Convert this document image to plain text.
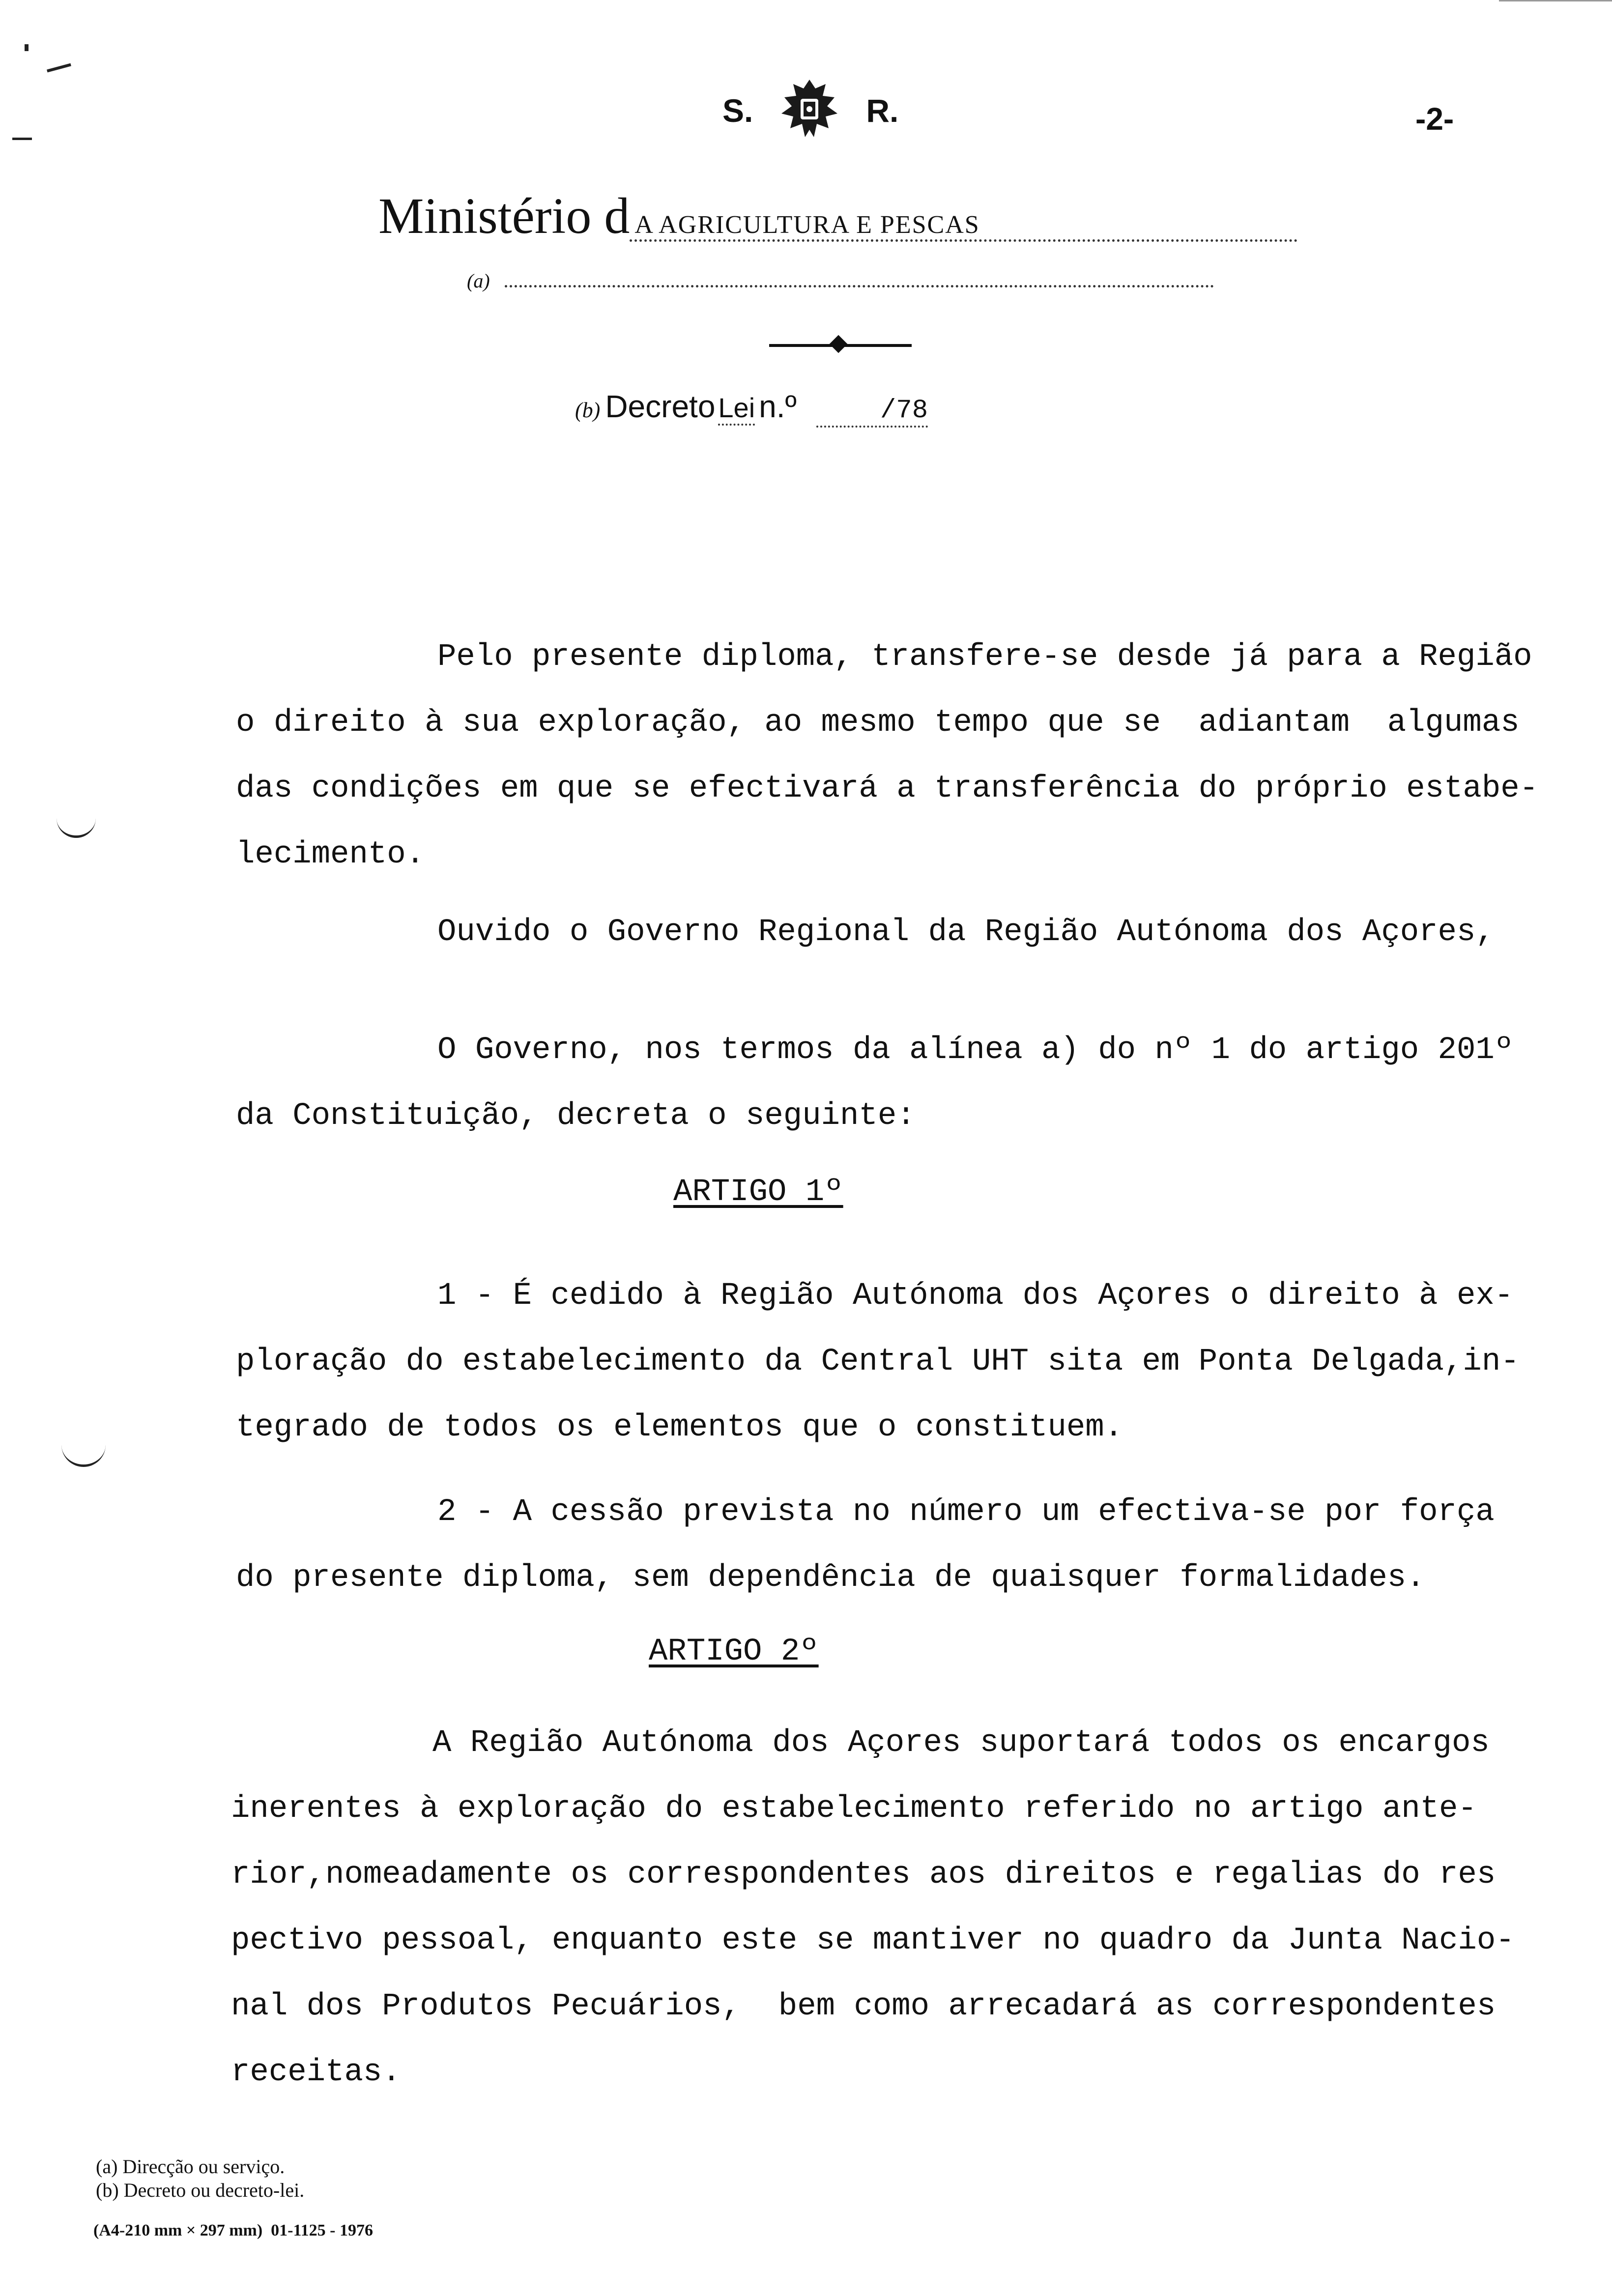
S.	R.	-2-
Ministério d A AGRICULTURA E PESCAS
(a)
(b) Decreto Lei n.º	/78
Pelo presente diploma, transfere-se desde já para a Região
o direito à sua exploração, ao mesmo tempo que se  adiantam  algumas
das condições em que se efectivará a transferência do próprio estabe-
lecimento.
Ouvido o Governo Regional da Região Autónoma dos Açores,
O Governo, nos termos da alínea a) do nº 1 do artigo 201º
da Constituição, decreta o seguinte:
ARTIGO 1º
1 - É cedido à Região Autónoma dos Açores o direito à ex-
ploração do estabelecimento da Central UHT sita em Ponta Delgada,in-
tegrado de todos os elementos que o constituem.
2 - A cessão prevista no número um efectiva-se por força
do presente diploma, sem dependência de quaisquer formalidades.
ARTIGO 2º
A Região Autónoma dos Açores suportará todos os encargos
inerentes à exploração do estabelecimento referido no artigo ante-
rior,nomeadamente os correspondentes aos direitos e regalias do res
pectivo pessoal, enquanto este se mantiver no quadro da Junta Nacio-
nal dos Produtos Pecuários,  bem como arrecadará as correspondentes
receitas.
(a) Direcção ou serviço.
(b) Decreto ou decreto-lei.
(A4-210 mm × 297 mm)  01-1125 - 1976
